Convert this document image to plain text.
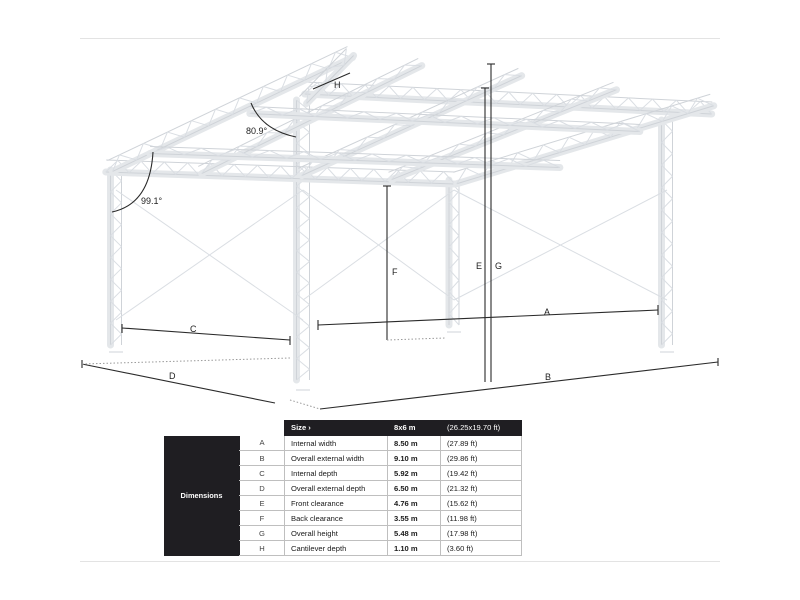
A
B
C
D
E
F
G
H
80.9°
99.1°
		Size ›	8x6 m	(26.25x19.70 ft)
Dimensions	A	Internal width	8.50 m	(27.89 ft)
	B	Overall external width	9.10 m	(29.86 ft)
	C	Internal depth	5.92 m	(19.42 ft)
	D	Overall external depth	6.50 m	(21.32 ft)
	E	Front clearance	4.76 m	(15.62 ft)
	F	Back clearance	3.55 m	(11.98 ft)
	G	Overall height	5.48 m	(17.98 ft)
	H	Cantilever depth	1.10 m	(3.60 ft)
